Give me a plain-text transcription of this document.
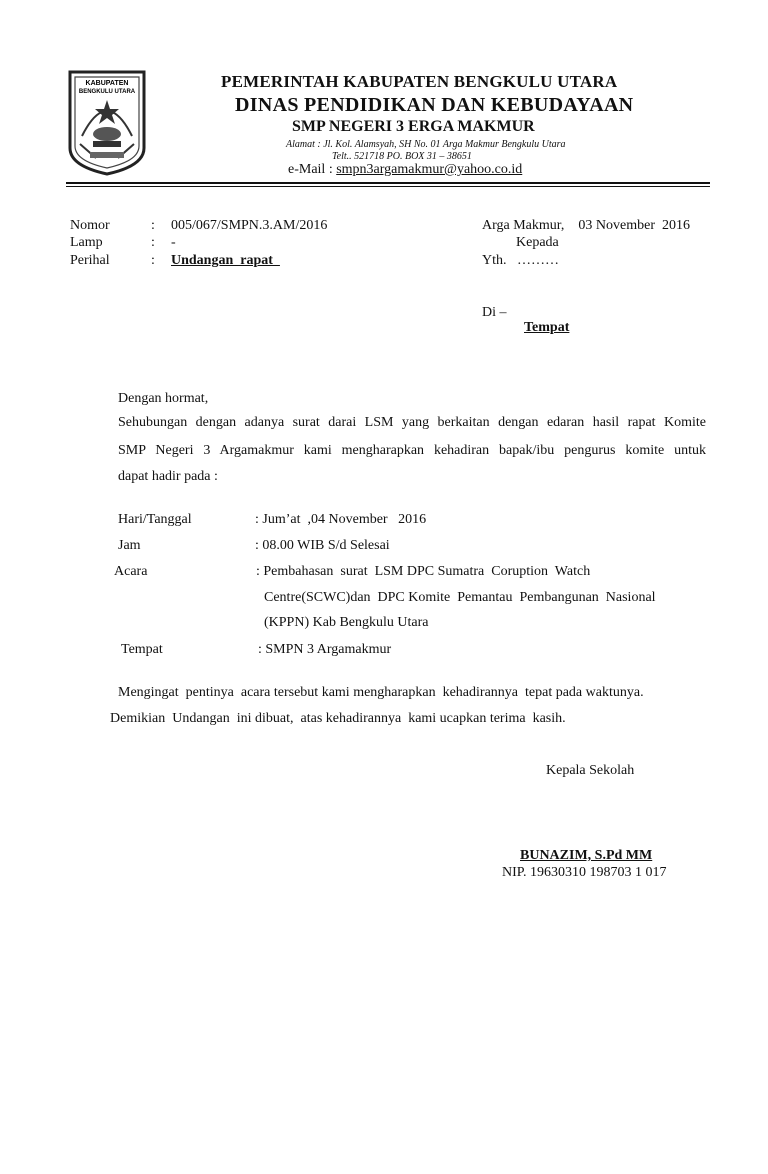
KABUPATEN
BENGKULU UTARA
PEMERINTAH KABUPATEN BENGKULU UTARA
DINAS PENDIDIKAN DAN KEBUDAYAAN
SMP NEGERI 3 ERGA MAKMUR
Alamat : Jl. Kol. Alamsyah, SH No. 01 Arga Makmur Bengkulu Utara
Telt.. 521718 PO. BOX 31 – 38651
e-Mail : smpn3argamakmur@yahoo.co.id
Nomor	: 005/067/SMPN.3.AM/2016
Lamp	: -
Perihal	: Undangan  rapat
Arga Makmur,    03 November  2016
Kepada
Yth.   ………
Di –
Tempat
Dengan hormat,
Sehubungan dengan adanya surat darai LSM yang berkaitan dengan edaran hasil rapat Komite
SMP Negeri 3 Argamakmur kami mengharapkan kehadiran bapak/ibu pengurus komite untuk
dapat hadir pada :
Hari/Tanggal	: Jum’at  ,04 November   2016
Jam	: 08.00 WIB S/d Selesai
Acara	: Pembahasan  surat  LSM DPC Sumatra  Coruption  Watch
Centre(SCWC)dan  DPC Komite  Pemantau  Pembangunan  Nasional
(KPPN) Kab Bengkulu Utara
Tempat	: SMPN 3 Argamakmur
Mengingat  pentinya  acara tersebut kami mengharapkan  kehadirannya  tepat pada waktunya.
Demikian  Undangan  ini dibuat,  atas kehadirannya  kami ucapkan terima  kasih.
Kepala Sekolah
BUNAZIM, S.Pd MM
NIP. 19630310 198703 1 017
